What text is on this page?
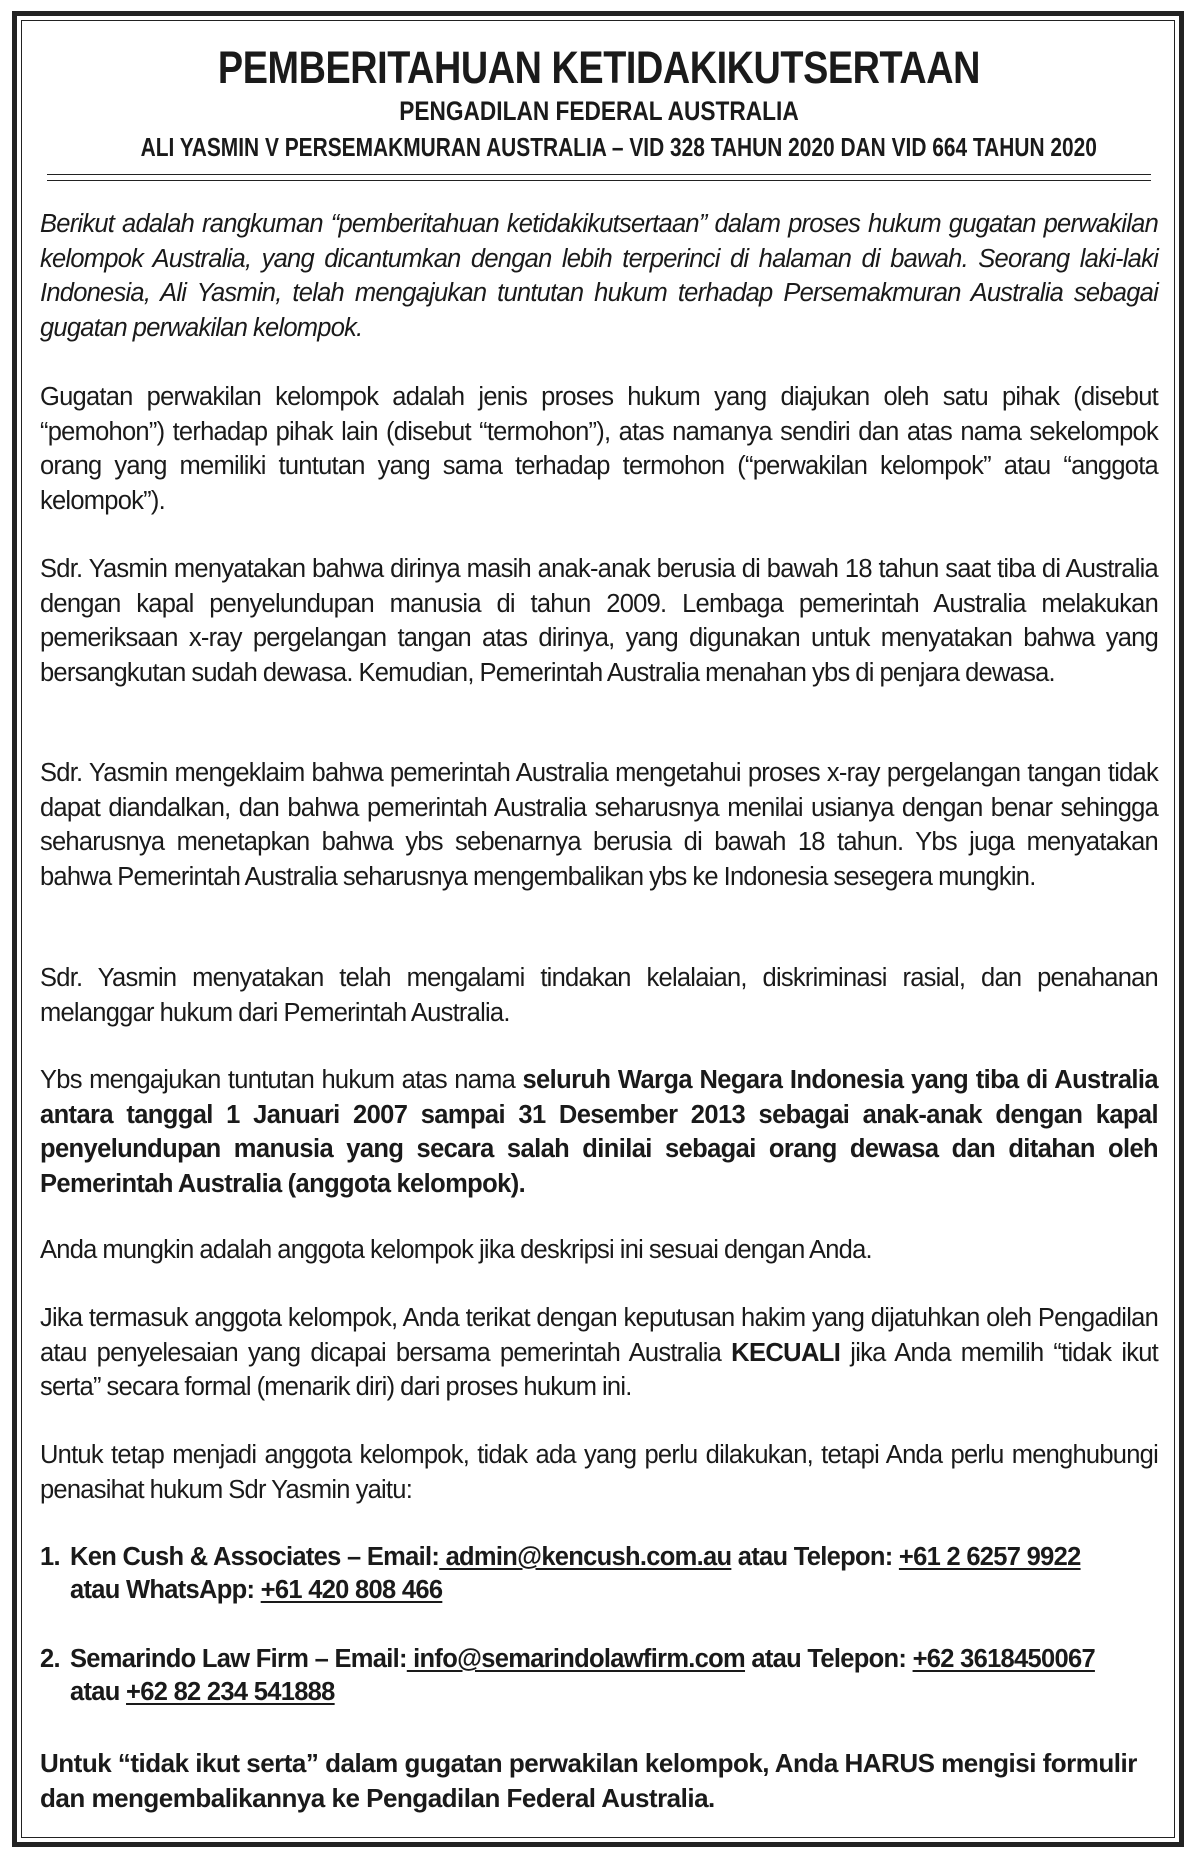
PEMBERITAHUAN KETIDAKIKUTSERTAAN
PENGADILAN FEDERAL AUSTRALIA
ALI YASMIN V PERSEMAKMURAN AUSTRALIA – VID 328 TAHUN 2020 DAN VID 664 TAHUN 2020
Berikut adalah rangkuman “pemberitahuan ketidakikutsertaan” dalam proses hukum gugatan perwakilan kelompok Australia, yang dicantumkan dengan lebih terperinci di halaman di bawah. Seorang laki-laki Indonesia, Ali Yasmin, telah mengajukan tuntutan hukum terhadap Persemakmuran Australia sebagai gugatan perwakilan kelompok.
Gugatan perwakilan kelompok adalah jenis proses hukum yang diajukan oleh satu pihak (disebut “pemohon”) terhadap pihak lain (disebut “termohon”), atas namanya sendiri dan atas nama sekelompok orang yang memiliki tuntutan yang sama terhadap termohon (“perwakilan kelompok” atau “anggota kelompok”).
Sdr. Yasmin menyatakan bahwa dirinya masih anak-anak berusia di bawah 18 tahun saat tiba di Australia dengan kapal penyelundupan manusia di tahun 2009. Lembaga pemerintah Australia melakukan pemeriksaan x-ray pergelangan tangan atas dirinya, yang digunakan untuk menyatakan bahwa yang bersangkutan sudah dewasa. Kemudian, Pemerintah Australia menahan ybs di penjara dewasa.
Sdr. Yasmin mengeklaim bahwa pemerintah Australia mengetahui proses x-ray pergelangan tangan tidak dapat diandalkan, dan bahwa pemerintah Australia seharusnya menilai usianya dengan benar sehingga seharusnya menetapkan bahwa ybs sebenarnya berusia di bawah 18 tahun. Ybs juga menyatakan bahwa Pemerintah Australia seharusnya mengembalikan ybs ke Indonesia sesegera mungkin.
Sdr. Yasmin menyatakan telah mengalami tindakan kelalaian, diskriminasi rasial, dan penahanan melanggar hukum dari Pemerintah Australia.
Ybs mengajukan tuntutan hukum atas nama seluruh Warga Negara Indonesia yang tiba di Australia antara tanggal 1 Januari 2007 sampai 31 Desember 2013 sebagai anak-anak dengan kapal penyelundupan manusia yang secara salah dinilai sebagai orang dewasa dan ditahan oleh Pemerintah Australia (anggota kelompok).
Anda mungkin adalah anggota kelompok jika deskripsi ini sesuai dengan Anda.
Jika termasuk anggota kelompok, Anda terikat dengan keputusan hakim yang dijatuhkan oleh Pengadilan atau penyelesaian yang dicapai bersama pemerintah Australia KECUALI jika Anda memilih “tidak ikut serta” secara formal (menarik diri) dari proses hukum ini.
Untuk tetap menjadi anggota kelompok, tidak ada yang perlu dilakukan, tetapi Anda perlu menghubungi penasihat hukum Sdr Yasmin yaitu:
1. Ken Cush & Associates – Email: admin@kencush.com.au atau Telepon: +61 2 6257 9922
atau WhatsApp: +61 420 808 466
2. Semarindo Law Firm – Email: info@semarindolawfirm.com atau Telepon: +62 3618450067
atau +62 82 234 541888
Untuk “tidak ikut serta” dalam gugatan perwakilan kelompok, Anda HARUS mengisi formulir dan mengembalikannya ke Pengadilan Federal Australia.
